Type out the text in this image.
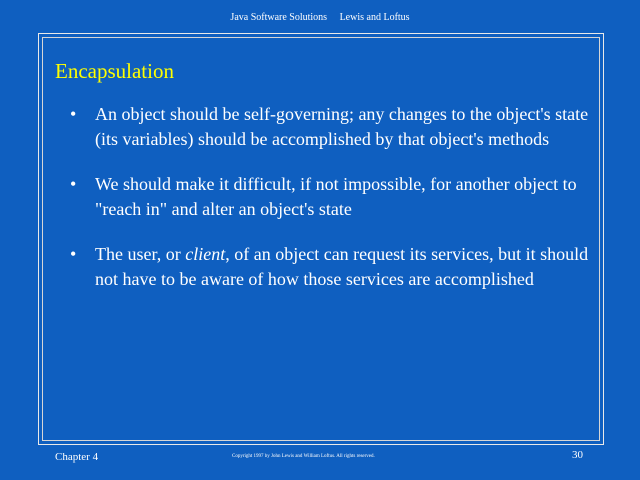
Java Software Solutions Lewis and Loftus
Encapsulation
• An object should be self-governing; any changes to the object's state (its variables) should be accomplished by that object's methods
• We should make it difficult, if not impossible, for another object to "reach in" and alter an object's state
• The user, or client, of an object can request its services, but it should not have to be aware of how those services are accomplished
Chapter 4	Copyright 1997 by John Lewis and William Loftus. All rights reserved.	30
